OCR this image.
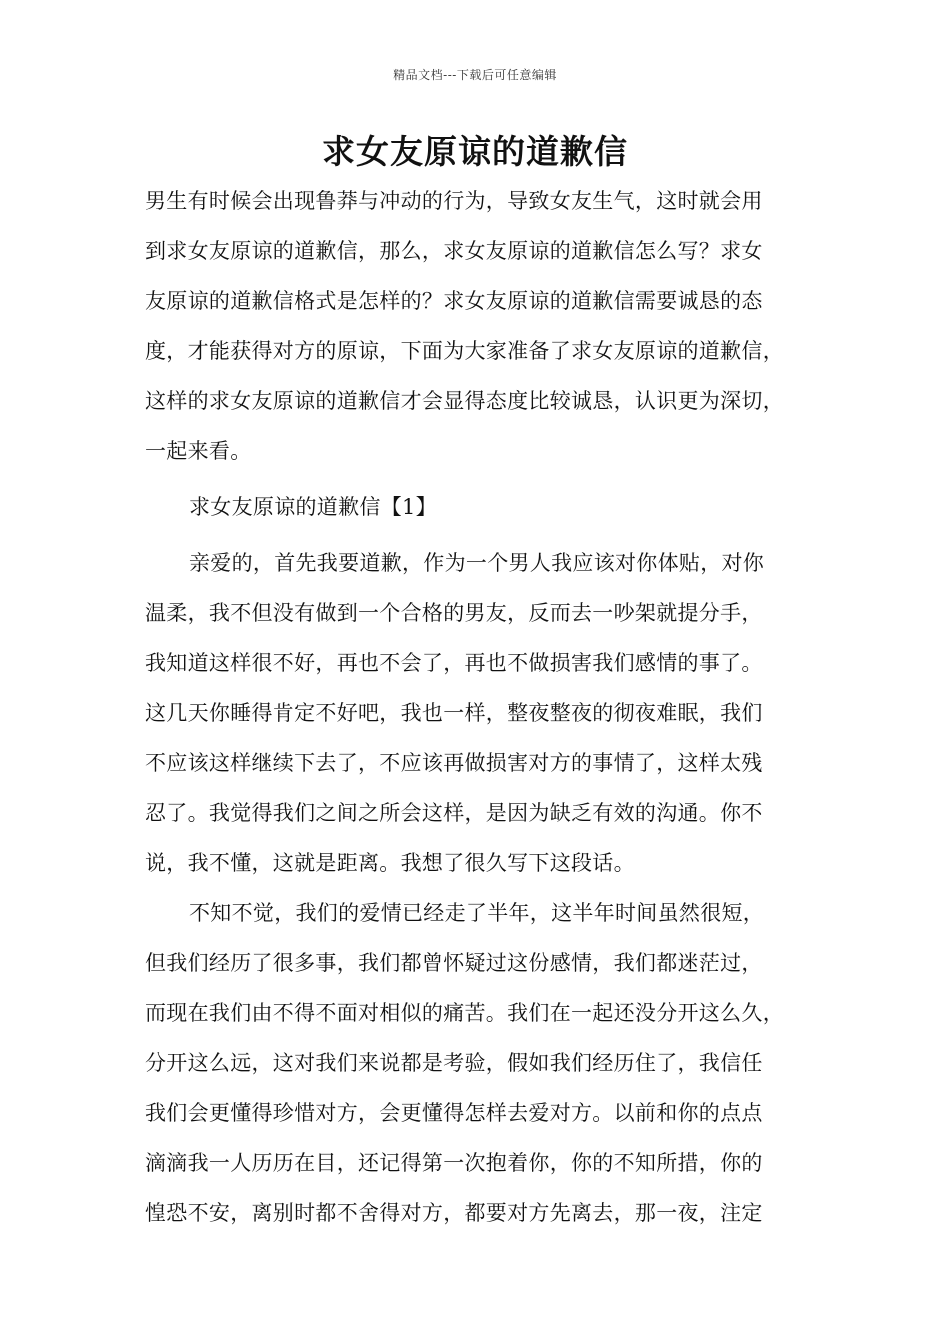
精品文档---下载后可任意编辑
求女友原谅的道歉信
男生有时候会出现鲁莽与冲动的行为，导致女友生气，这时就会用
到求女友原谅的道歉信，那么，求女友原谅的道歉信怎么写？求女
友原谅的道歉信格式是怎样的？求女友原谅的道歉信需要诚恳的态
度，才能获得对方的原谅，下面为大家准备了求女友原谅的道歉信，
这样的求女友原谅的道歉信才会显得态度比较诚恳，认识更为深切，
一起来看。
求女友原谅的道歉信【1】
亲爱的，首先我要道歉，作为一个男人我应该对你体贴，对你
温柔，我不但没有做到一个合格的男友，反而去一吵架就提分手，
我知道这样很不好，再也不会了，再也不做损害我们感情的事了。
这几天你睡得肯定不好吧，我也一样，整夜整夜的彻夜难眠，我们
不应该这样继续下去了，不应该再做损害对方的事情了，这样太残
忍了。我觉得我们之间之所会这样，是因为缺乏有效的沟通。你不
说，我不懂，这就是距离。我想了很久写下这段话。
不知不觉，我们的爱情已经走了半年，这半年时间虽然很短，
但我们经历了很多事，我们都曾怀疑过这份感情，我们都迷茫过，
而现在我们由不得不面对相似的痛苦。我们在一起还没分开这么久，
分开这么远，这对我们来说都是考验，假如我们经历住了，我信任
我们会更懂得珍惜对方，会更懂得怎样去爱对方。以前和你的点点
滴滴我一人历历在目，还记得第一次抱着你，你的不知所措，你的
惶恐不安，离别时都不舍得对方，都要对方先离去，那一夜，注定
